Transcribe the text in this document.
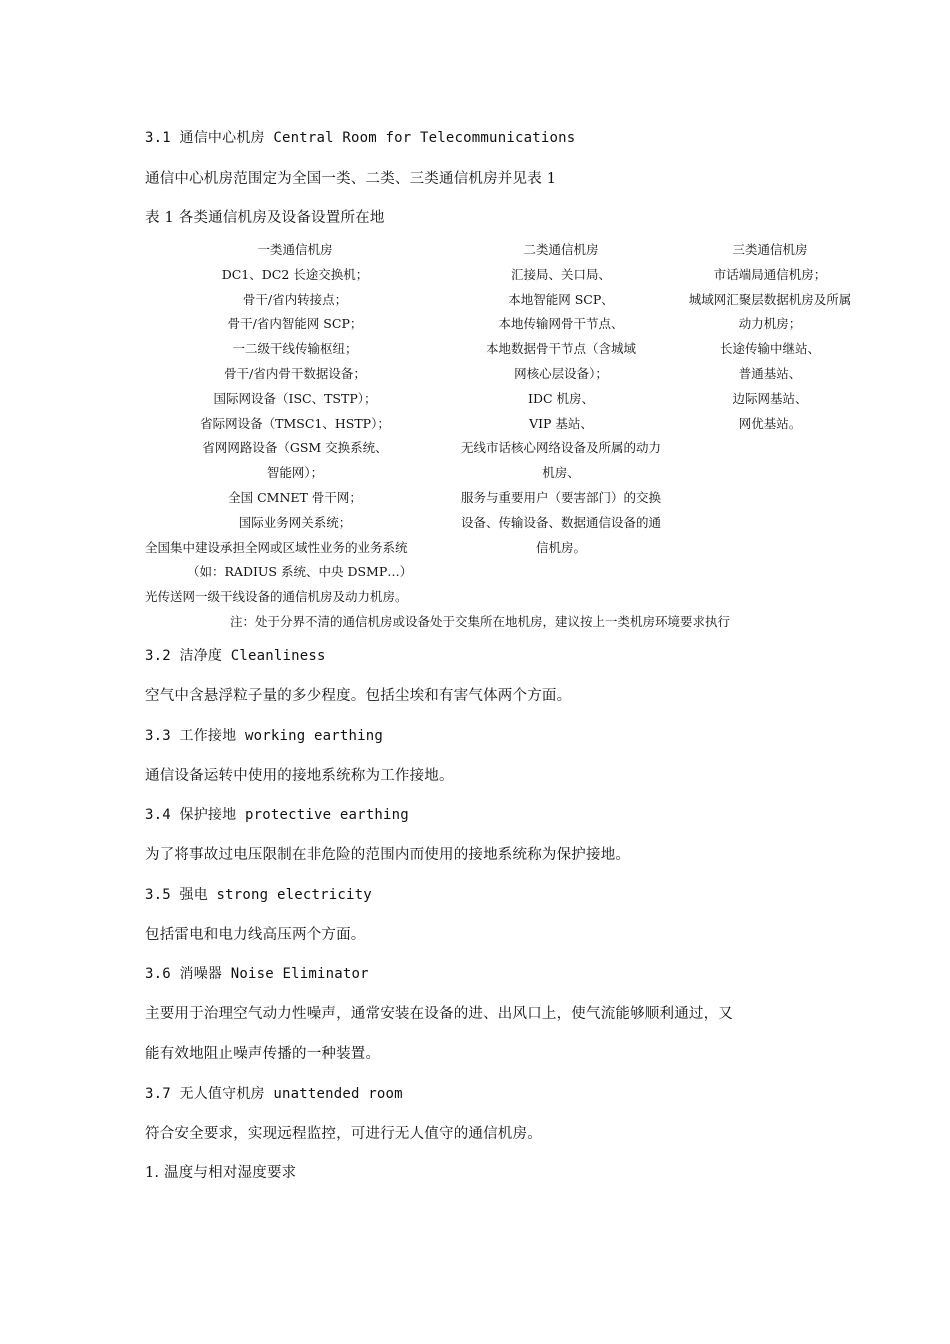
3.1 通信中心机房 Central Room for Telecommunications
通信中心机房范围定为全国一类、二类、三类通信机房并见表 1
表 1 各类通信机房及设备设置所在地
一类通信机房
DC1、DC2 长途交换机；
骨干/省内转接点；
骨干/省内智能网 SCP；
一二级干线传输枢纽；
骨干/省内骨干数据设备；
国际网设备（ISC、TSTP）；
省际网设备（TMSC1、HSTP）；
省网网路设备（GSM 交换系统、
智能网）；
全国 CMNET 骨干网；
国际业务网关系统；
全国集中建设承担全网或区域性业务的业务系统
（如：RADIUS 系统、中央 DSMP…）
光传送网一级干线设备的通信机房及动力机房。
二类通信机房
汇接局、关口局、
本地智能网 SCP、
本地传输网骨干节点、
本地数据骨干节点（含城域
网核心层设备）；
IDC 机房、
VIP 基站、
无线市话核心网络设备及所属的动力
机房、
服务与重要用户（要害部门）的交换
设备、传输设备、数据通信设备的通
信机房。
三类通信机房
市话端局通信机房；
城域网汇聚层数据机房及所属
动力机房；
长途传输中继站、
普通基站、
边际网基站、
网优基站。
注：处于分界不清的通信机房或设备处于交集所在地机房，建议按上一类机房环境要求执行
3.2 洁净度 Cleanliness
空气中含悬浮粒子量的多少程度。包括尘埃和有害气体两个方面。
3.3 工作接地 working earthing
通信设备运转中使用的接地系统称为工作接地。
3.4 保护接地 protective earthing
为了将事故过电压限制在非危险的范围内而使用的接地系统称为保护接地。
3.5 强电 strong electricity
包括雷电和电力线高压两个方面。
3.6 消噪器 Noise Eliminator
主要用于治理空气动力性噪声，通常安装在设备的进、出风口上，使气流能够顺利通过，又
能有效地阻止噪声传播的一种装置。
3.7 无人值守机房 unattended room
符合安全要求，实现远程监控，可进行无人值守的通信机房。
1. 温度与相对湿度要求
